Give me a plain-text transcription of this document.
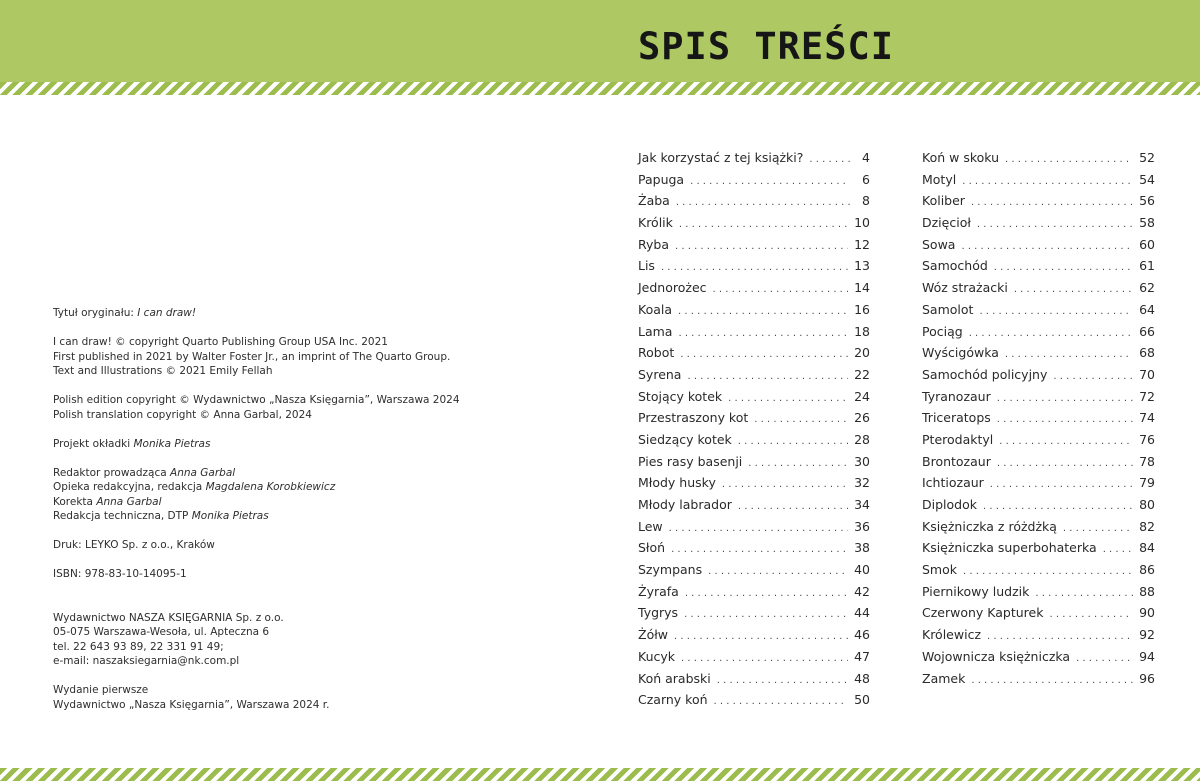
SPIS TREŚCI

Tytuł oryginału: I can draw!

I can draw! © copyright Quarto Publishing Group USA Inc. 2021

First published in 2021 by Walter Foster Jr., an imprint of The Quarto Group.

Text and Illustrations © 2021 Emily Fellah

Polish edition copyright © Wydawnictwo „Nasza Księgarnia”, Warszawa 2024

Polish translation copyright © Anna Garbal, 2024

Projekt okładki Monika Pietras

Redaktor prowadząca Anna Garbal

Opieka redakcyjna, redakcja Magdalena Korobkiewicz

Korekta Anna Garbal

Redakcja techniczna, DTP Monika Pietras

Druk: LEYKO Sp. z o.o., Kraków

ISBN: 978-83-10-14095-1

Wydawnictwo NASZA KSIĘGARNIA Sp. z o.o.

05-075 Warszawa-Wesoła, ul. Apteczna 6

tel. 22 643 93 89, 22 331 91 49;

e-mail: naszaksiegarnia@nk.com.pl

Wydanie pierwsze

Wydawnictwo „Nasza Księgarnia”, Warszawa 2024 r.

Jak korzystać z tej książki? . . .	4
Papuga . . .	6
Żaba . . .	8
Królik . . .	10
Ryba . . .	12
Lis . . .	13
Jednorożec . . .	14
Koala . . .	16
Lama . . .	18
Robot . . .	20
Syrena . . .	22
Stojący kotek . . .	24
Przestraszony kot . . .	26
Siedzący kotek . . .	28
Pies rasy basenji . . .	30
Młody husky . . .	32
Młody labrador . . .	34
Lew . . .	36
Słoń . . .	38
Szympans . . .	40
Żyrafa . . .	42
Tygrys . . .	44
Żółw . . .	46
Kucyk . . .	47
Koń arabski . . .	48
Czarny koń . . .	50
Koń w skoku . . .	52
Motyl . . .	54
Koliber . . .	56
Dzięcioł . . .	58
Sowa . . .	60
Samochód . . .	61
Wóz strażacki . . .	62
Samolot . . .	64
Pociąg . . .	66
Wyścigówka . . .	68
Samochód policyjny . . .	70
Tyranozaur . . .	72
Triceratops . . .	74
Pterodaktyl . . .	76
Brontozaur . . .	78
Ichtiozaur . . .	79
Diplodok . . .	80
Księżniczka z różdżką . . .	82
Księżniczka superbohaterka . . .	84
Smok . . .	86
Piernikowy ludzik . . .	88
Czerwony Kapturek . . .	90
Królewicz . . .	92
Wojownicza księżniczka . . .	94
Zamek . . .	96
